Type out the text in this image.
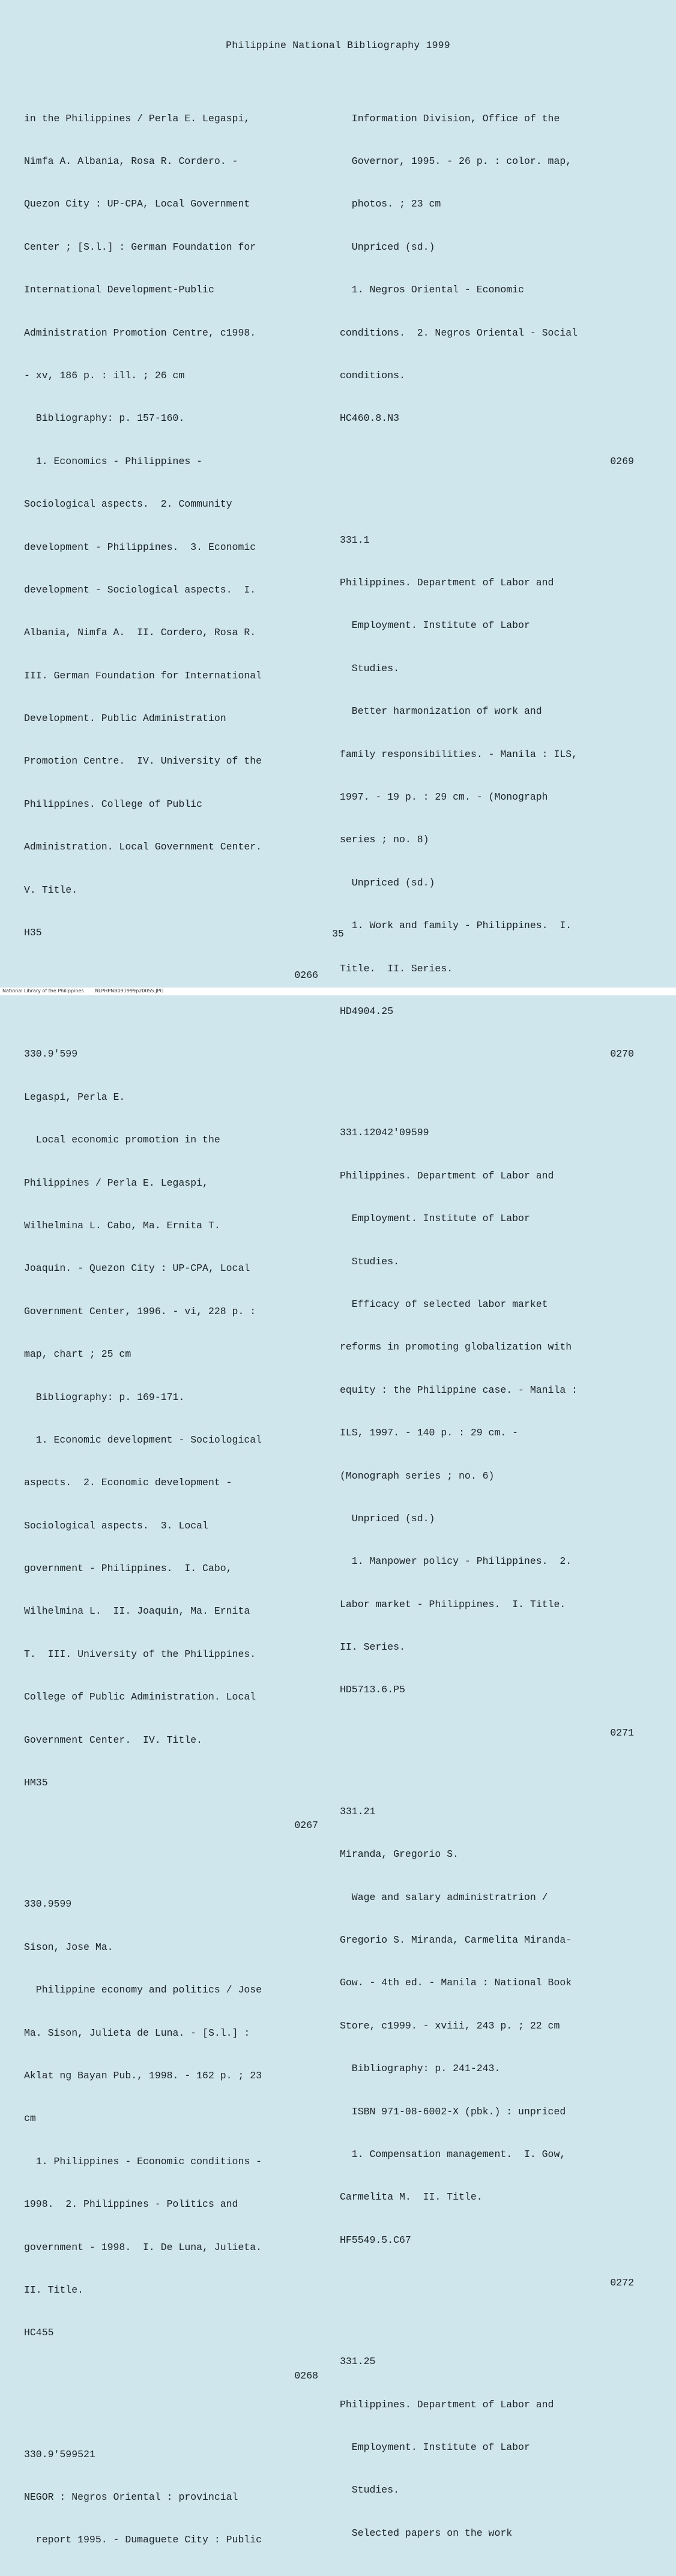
Philippine National Bibliography 1999

in the Philippines / Perla E. Legaspi,

Nimfa A. Albania, Rosa R. Cordero. -

Quezon City : UP-CPA, Local Government

Center ; [S.l.] : German Foundation for

International Development-Public

Administration Promotion Centre, c1998.

- xv, 186 p. : ill. ; 26 cm

Bibliography: p. 157-160.

1. Economics - Philippines -

Sociological aspects.  2. Community

development - Philippines.  3. Economic

development - Sociological aspects.  I.

Albania, Nimfa A.  II. Cordero, Rosa R.

III. German Foundation for International

Development. Public Administration

Promotion Centre.  IV. University of the

Philippines. College of Public

Administration. Local Government Center.

V. Title.

H35

0266

330.9'599

Legaspi, Perla E.

Local economic promotion in the

Philippines / Perla E. Legaspi,

Wilhelmina L. Cabo, Ma. Ernita T.

Joaquin. - Quezon City : UP-CPA, Local

Government Center, 1996. - vi, 228 p. :

map, chart ; 25 cm

Bibliography: p. 169-171.

1. Economic development - Sociological

aspects.  2. Economic development -

Sociological aspects.  3. Local

government - Philippines.  I. Cabo,

Wilhelmina L.  II. Joaquin, Ma. Ernita

T.  III. University of the Philippines.

College of Public Administration. Local

Government Center.  IV. Title.

HM35

0267

330.9599

Sison, Jose Ma.

Philippine economy and politics / Jose

Ma. Sison, Julieta de Luna. - [S.l.] :

Aklat ng Bayan Pub., 1998. - 162 p. ; 23

cm

1. Philippines - Economic conditions -

1998.  2. Philippines - Politics and

government - 1998.  I. De Luna, Julieta.

II. Title.

HC455

0268

330.9'599521

NEGOR : Negros Oriental : provincial

report 1995. - Dumaguete City : Public

Information Division, Office of the

Governor, 1995. - 26 p. : color. map,

photos. ; 23 cm

Unpriced (sd.)

1. Negros Oriental - Economic

conditions.  2. Negros Oriental - Social

conditions.

HC460.8.N3

0269

331.1

Philippines. Department of Labor and

Employment. Institute of Labor

Studies.

Better harmonization of work and

family responsibilities. - Manila : ILS,

1997. - 19 p. : 29 cm. - (Monograph

series ; no. 8)

Unpriced (sd.)

1. Work and family - Philippines.  I.

Title.  II. Series.

HD4904.25

0270

331.12042'09599

Philippines. Department of Labor and

Employment. Institute of Labor

Studies.

Efficacy of selected labor market

reforms in promoting globalization with

equity : the Philippine case. - Manila :

ILS, 1997. - 140 p. : 29 cm. -

(Monograph series ; no. 6)

Unpriced (sd.)

1. Manpower policy - Philippines.  2.

Labor market - Philippines.  I. Title.

II. Series.

HD5713.6.P5

0271

331.21

Miranda, Gregorio S.

Wage and salary administratrion /

Gregorio S. Miranda, Carmelita Miranda-

Gow. - 4th ed. - Manila : National Book

Store, c1999. - xviii, 243 p. ; 22 cm

Bibliography: p. 241-243.

ISBN 971-08-6002-X (pbk.) : unpriced

1. Compensation management.  I. Gow,

Carmelita M.  II. Title.

HF5549.5.C67

0272

331.25

Philippines. Department of Labor and

Employment. Institute of Labor

Studies.

Selected papers on the work

35
National Library of the Philippines NLPHPNB091999p20055.JPG
